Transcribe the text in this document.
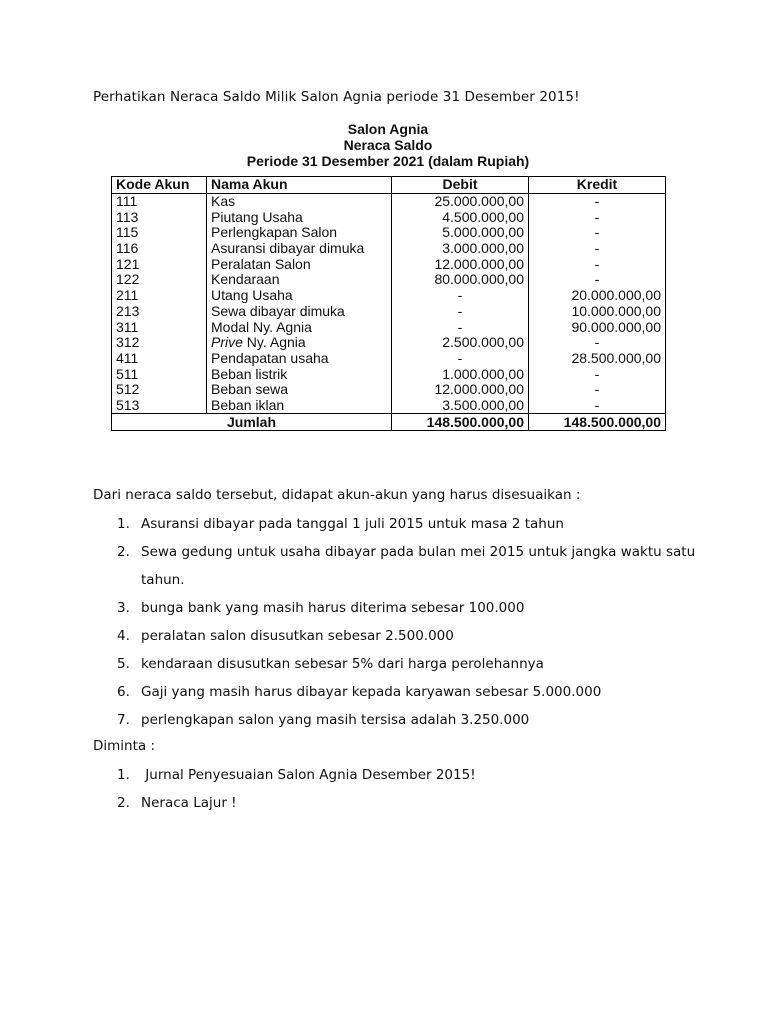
Perhatikan Neraca Saldo Milik Salon Agnia periode 31 Desember 2015!
Salon Agnia
Neraca Saldo
Periode 31 Desember 2021 (dalam Rupiah)
Kode Akun	Nama Akun	Debit	Kredit
111	Kas	25.000.000,00	-
113	Piutang Usaha	4.500.000,00	-
115	Perlengkapan Salon	5.000.000,00	-
116	Asuransi dibayar dimuka	3.000.000,00	-
121	Peralatan Salon	12.000.000,00	-
122	Kendaraan	80.000.000,00	-
211	Utang Usaha	-	20.000.000,00
213	Sewa dibayar dimuka	-	10.000.000,00
311	Modal Ny. Agnia	-	90.000.000,00
312	Prive Ny. Agnia	2.500.000,00	-
411	Pendapatan usaha	-	28.500.000,00
511	Beban listrik	1.000.000,00	-
512	Beban sewa	12.000.000,00	-
513	Beban iklan	3.500.000,00	-
Jumlah		148.500.000,00	148.500.000,00
Dari neraca saldo tersebut, didapat akun-akun yang harus disesuaikan :
1. Asuransi dibayar pada tanggal 1 juli 2015 untuk masa 2 tahun
2. Sewa gedung untuk usaha dibayar pada bulan mei 2015 untuk jangka waktu satu
tahun.
3. bunga bank yang masih harus diterima sebesar 100.000
4. peralatan salon disusutkan sebesar 2.500.000
5. kendaraan disusutkan sebesar 5% dari harga perolehannya
6. Gaji yang masih harus dibayar kepada karyawan sebesar 5.000.000
7. perlengkapan salon yang masih tersisa adalah 3.250.000
Diminta :
1. Jurnal Penyesuaian Salon Agnia Desember 2015!
2. Neraca Lajur !
